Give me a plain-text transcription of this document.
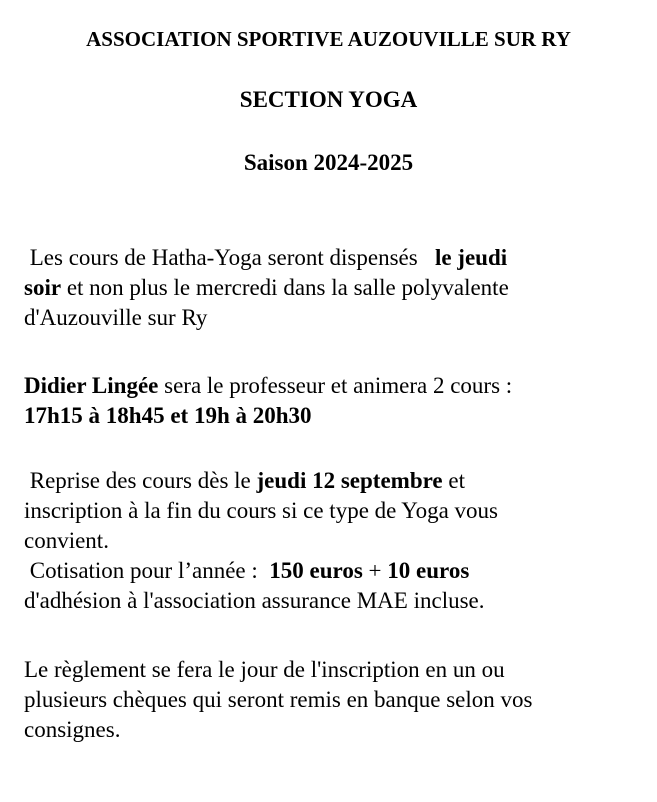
ASSOCIATION SPORTIVE AUZOUVILLE SUR RY
SECTION YOGA
Saison 2024-2025
Les cours de Hatha-Yoga seront dispensés   le jeudi
soir et non plus le mercredi dans la salle polyvalente
d'Auzouville sur Ry
Didier Lingée sera le professeur et animera 2 cours :
17h15 à 18h45 et 19h à 20h30
Reprise des cours dès le jeudi 12 septembre et
inscription à la fin du cours si ce type de Yoga vous
convient.
Cotisation pour l’année :  150 euros + 10 euros
d'adhésion à l'association assurance MAE incluse.
Le règlement se fera le jour de l'inscription en un ou
plusieurs chèques qui seront remis en banque selon vos
consignes.
